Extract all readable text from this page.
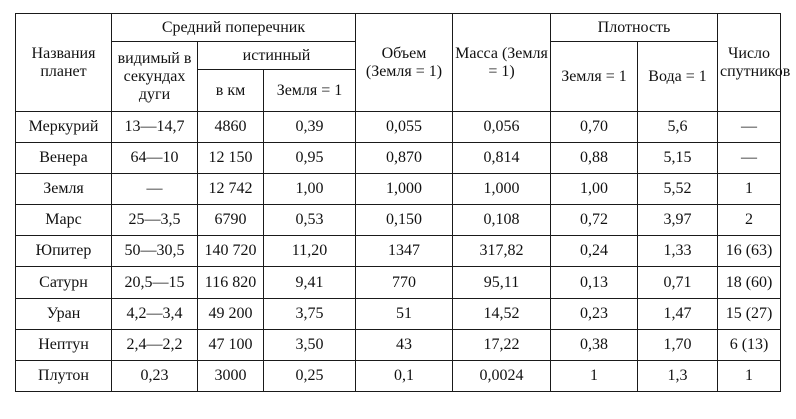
Названия планет	Средний поперечник			Объем (Земля = 1)	Масса (Земля = 1)	Плотность		Число спутников
	видимый в секундах дуги	истинный				Земля = 1	Вода = 1	
		в км	Земля = 1					
Меркурий	13—14,7	4860	0,39	0,055	0,056	0,70	5,6	—
Венера	64—10	12 150	0,95	0,870	0,814	0,88	5,15	—
Земля	—	12 742	1,00	1,000	1,000	1,00	5,52	1
Марс	25—3,5	6790	0,53	0,150	0,108	0,72	3,97	2
Юпитер	50—30,5	140 720	11,20	1347	317,82	0,24	1,33	16 (63)
Сатурн	20,5—15	116 820	9,41	770	95,11	0,13	0,71	18 (60)
Уран	4,2—3,4	49 200	3,75	51	14,52	0,23	1,47	15 (27)
Нептун	2,4—2,2	47 100	3,50	43	17,22	0,38	1,70	6 (13)
Плутон	0,23	3000	0,25	0,1	0,0024	1	1,3	1
